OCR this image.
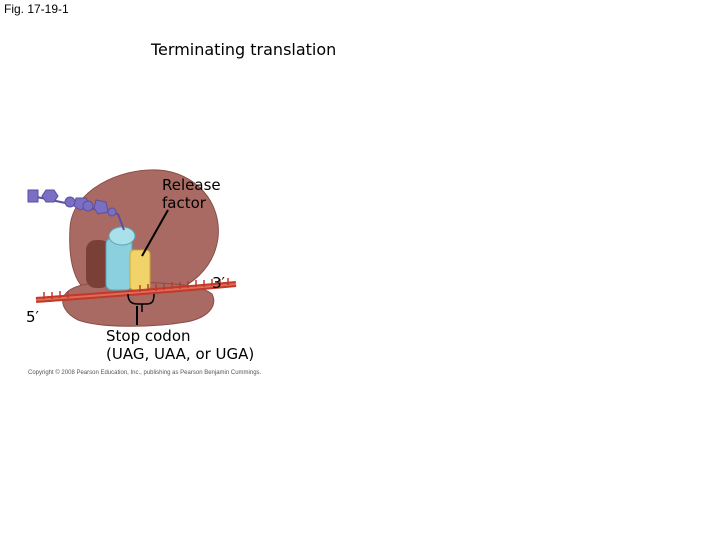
Fig. 17-19-1
Terminating translation
Release
factor
3′
5′
Stop codon
(UAG, UAA, or UGA)
Copyright © 2008 Pearson Education, Inc., publishing as Pearson Benjamin Cummings.
